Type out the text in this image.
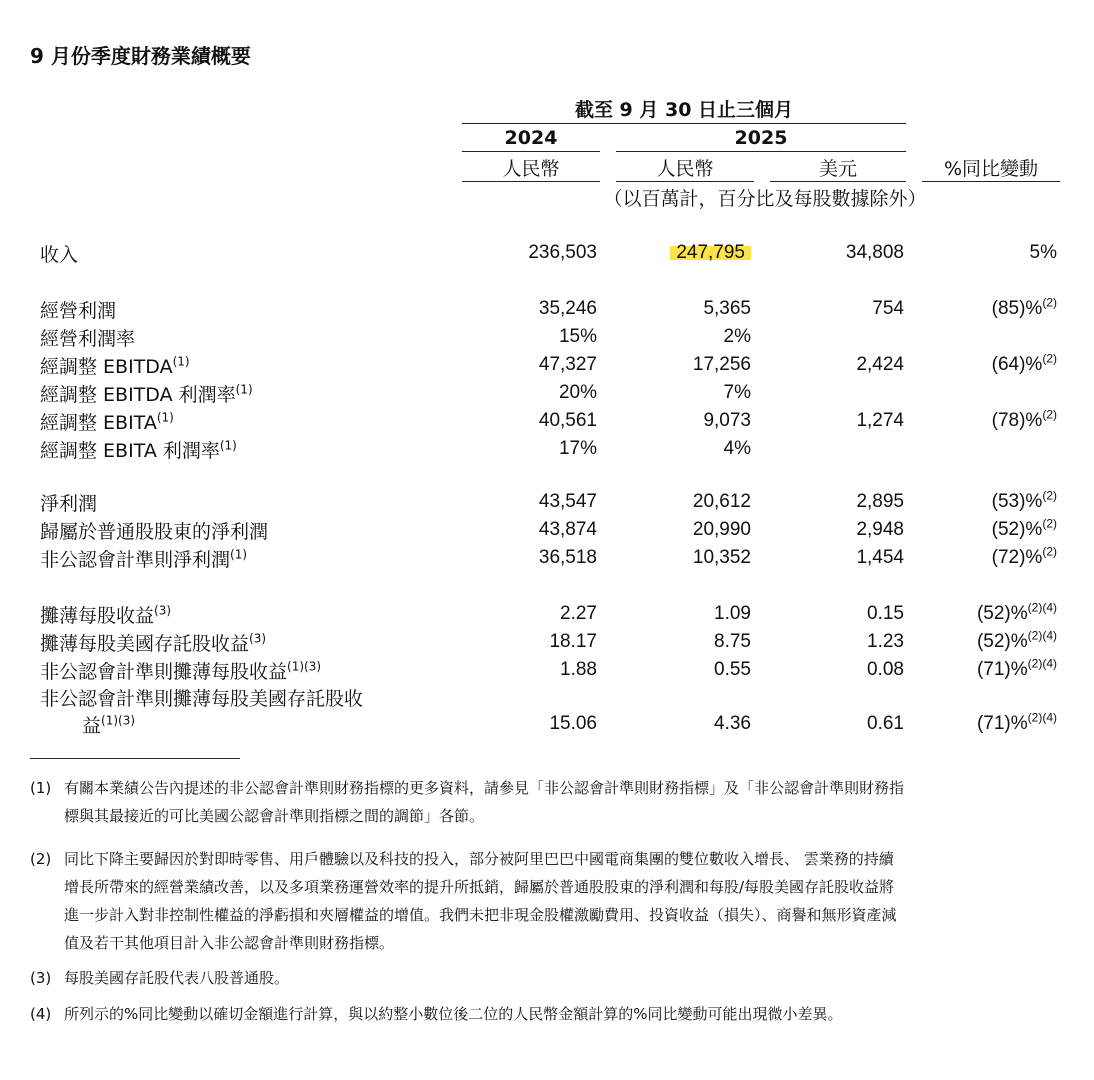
9 月份季度財務業績概要
截至 9 月 30 日止三個月
2024	2025
人民幣	人民幣	美元	%同比變動
（以百萬計，百分比及每股數據除外）
收入	236,503	247,795	34,808	5%
經營利潤	35,246	5,365	754	(85)%$^{(2)}$
經營利潤率	15%	2%
經調整 EBITDA$^{(1)}$	47,327	17,256	2,424	(64)%$^{(2)}$
經調整 EBITDA 利潤率$^{(1)}$	20%	7%
經調整 EBITA$^{(1)}$	40,561	9,073	1,274	(78)%$^{(2)}$
經調整 EBITA 利潤率$^{(1)}$	17%	4%
淨利潤	43,547	20,612	2,895	(53)%$^{(2)}$
歸屬於普通股股東的淨利潤	43,874	20,990	2,948	(52)%$^{(2)}$
非公認會計準則淨利潤$^{(1)}$	36,518	10,352	1,454	(72)%$^{(2)}$
攤薄每股收益$^{(3)}$	2.27	1.09	0.15	(52)%$^{(2)(4)}$
攤薄每股美國存託股收益$^{(3)}$	18.17	8.75	1.23	(52)%$^{(2)(4)}$
非公認會計準則攤薄每股收益$^{(1)(3)}$	1.88	0.55	0.08	(71)%$^{(2)(4)}$
非公認會計準則攤薄每股美國存託股收
益$^{(1)(3)}$	15.06	4.36	0.61	(71)%$^{(2)(4)}$
(1) 有關本業績公告內提述的非公認會計準則財務指標的更多資料，請參見「非公認會計準則財務指標」及「非公認會計準則財務指
標與其最接近的可比美國公認會計準則指標之間的調節」各節。
(2) 同比下降主要歸因於對即時零售、用戶體驗以及科技的投入，部分被阿里巴巴中國電商集團的雙位數收入增長、 雲業務的持續
增長所帶來的經營業績改善，以及多項業務運營效率的提升所抵銷，歸屬於普通股股東的淨利潤和每股/每股美國存託股收益將
進一步計入對非控制性權益的淨虧損和夾層權益的增值。我們未把非現金股權激勵費用、投資收益（損失）、商譽和無形資產減
值及若干其他項目計入非公認會計準則財務指標。
(3) 每股美國存託股代表八股普通股。
(4) 所列示的%同比變動以確切金額進行計算，與以約整小數位後二位的人民幣金額計算的%同比變動可能出現微小差異。
